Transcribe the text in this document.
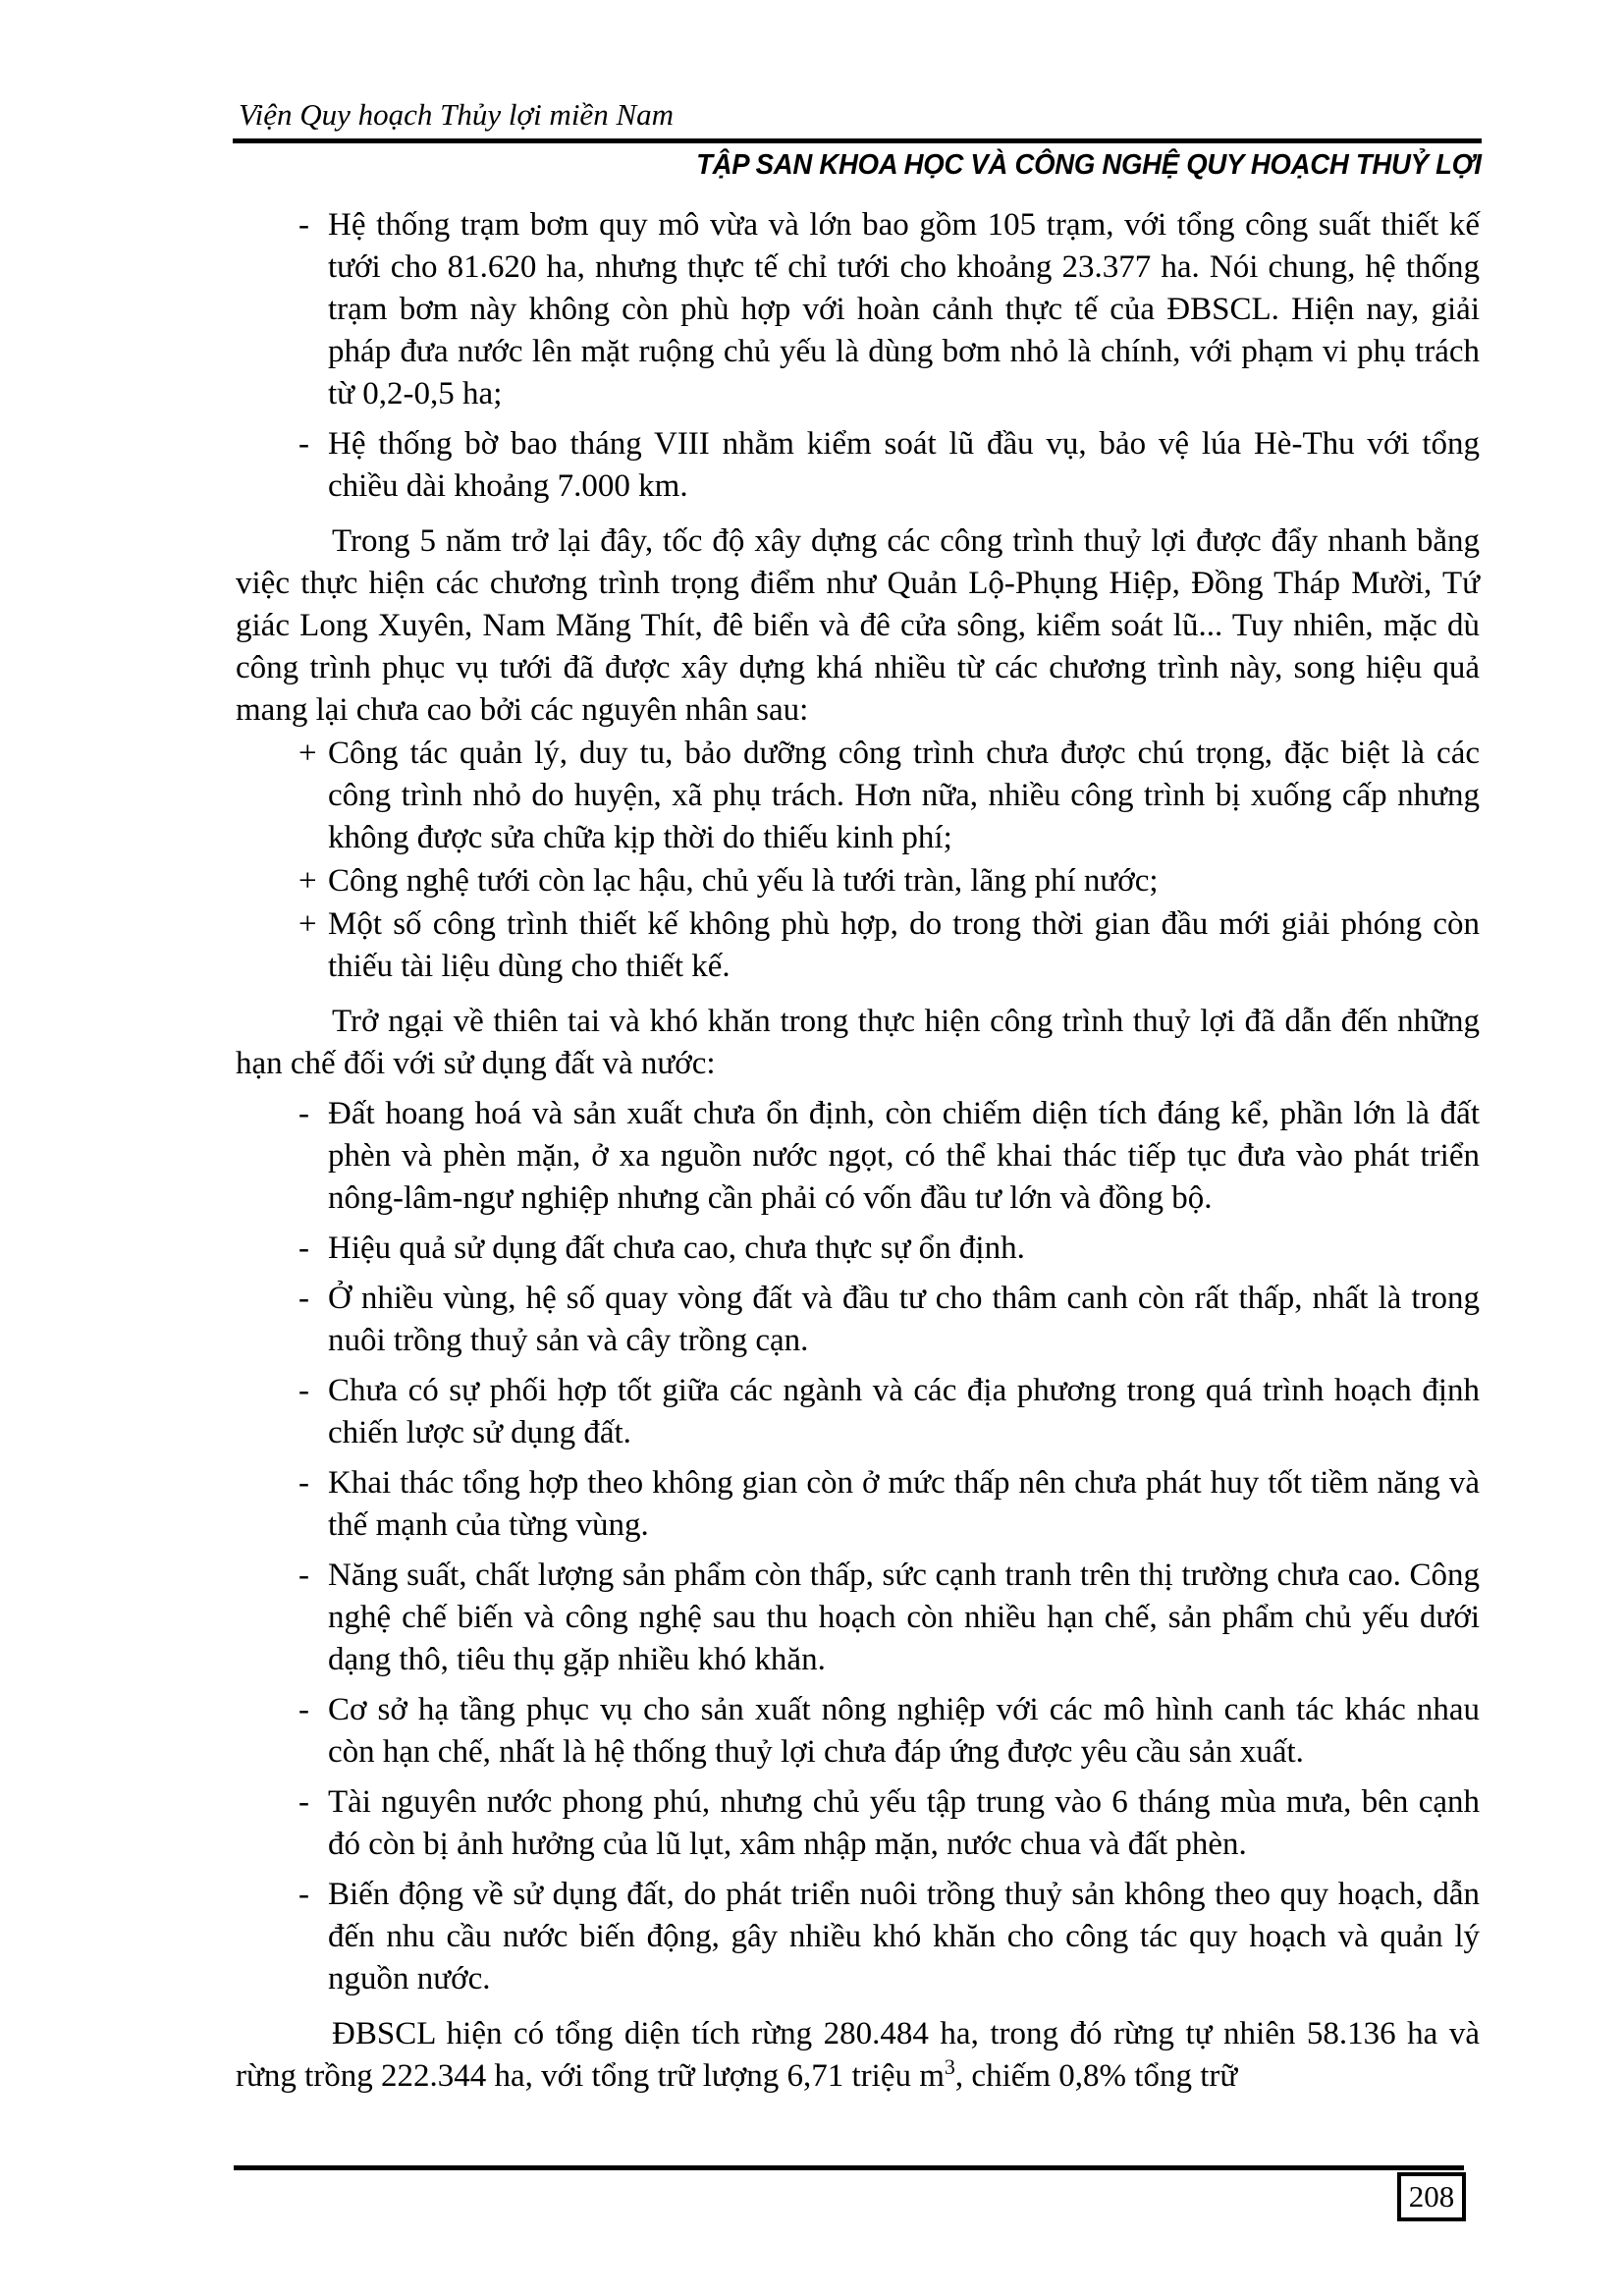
Viện Quy hoạch Thủy lợi miền Nam
TẬP SAN KHOA HỌC VÀ CÔNG NGHỆ QUY HOẠCH THUỶ LỢI
- Hệ thống trạm bơm quy mô vừa và lớn bao gồm 105 trạm, với tổng công suất thiết kế tưới cho 81.620 ha, nhưng thực tế chỉ tưới cho khoảng 23.377 ha. Nói chung, hệ thống trạm bơm này không còn phù hợp với hoàn cảnh thực tế của ĐBSCL. Hiện nay, giải pháp đưa nước lên mặt ruộng chủ yếu là dùng bơm nhỏ là chính, với phạm vi phụ trách từ 0,2-0,5 ha;
- Hệ thống bờ bao tháng VIII nhằm kiểm soát lũ đầu vụ, bảo vệ lúa Hè-Thu với tổng chiều dài khoảng 7.000 km.
Trong 5 năm trở lại đây, tốc độ xây dựng các công trình thuỷ lợi được đẩy nhanh bằng việc thực hiện các chương trình trọng điểm như Quản Lộ-Phụng Hiệp, Đồng Tháp Mười, Tứ giác Long Xuyên, Nam Măng Thít, đê biển và đê cửa sông, kiểm soát lũ... Tuy nhiên, mặc dù công trình phục vụ tưới đã được xây dựng khá nhiều từ các chương trình này, song hiệu quả mang lại chưa cao bởi các nguyên nhân sau:
+ Công tác quản lý, duy tu, bảo dưỡng công trình chưa được chú trọng, đặc biệt là các công trình nhỏ do huyện, xã phụ trách. Hơn nữa, nhiều công trình bị xuống cấp nhưng không được sửa chữa kịp thời do thiếu kinh phí;
+ Công nghệ tưới còn lạc hậu, chủ yếu là tưới tràn, lãng phí nước;
+ Một số công trình thiết kế không phù hợp, do trong thời gian đầu mới giải phóng còn thiếu tài liệu dùng cho thiết kế.
Trở ngại về thiên tai và khó khăn trong thực hiện công trình thuỷ lợi đã dẫn đến những hạn chế đối với sử dụng đất và nước:
- Đất hoang hoá và sản xuất chưa ổn định, còn chiếm diện tích đáng kể, phần lớn là đất phèn và phèn mặn, ở xa nguồn nước ngọt, có thể khai thác tiếp tục đưa vào phát triển nông-lâm-ngư nghiệp nhưng cần phải có vốn đầu tư lớn và đồng bộ.
- Hiệu quả sử dụng đất chưa cao, chưa thực sự ổn định.
- Ở nhiều vùng, hệ số quay vòng đất và đầu tư cho thâm canh còn rất thấp, nhất là trong nuôi trồng thuỷ sản và cây trồng cạn.
- Chưa có sự phối hợp tốt giữa các ngành và các địa phương trong quá trình hoạch định chiến lược sử dụng đất.
- Khai thác tổng hợp theo không gian còn ở mức thấp nên chưa phát huy tốt tiềm năng và thế mạnh của từng vùng.
- Năng suất, chất lượng sản phẩm còn thấp, sức cạnh tranh trên thị trường chưa cao. Công nghệ chế biến và công nghệ sau thu hoạch còn nhiều hạn chế, sản phẩm chủ yếu dưới dạng thô, tiêu thụ gặp nhiều khó khăn.
- Cơ sở hạ tầng phục vụ cho sản xuất nông nghiệp với các mô hình canh tác khác nhau còn hạn chế, nhất là hệ thống thuỷ lợi chưa đáp ứng được yêu cầu sản xuất.
- Tài nguyên nước phong phú, nhưng chủ yếu tập trung vào 6 tháng mùa mưa, bên cạnh đó còn bị ảnh hưởng của lũ lụt, xâm nhập mặn, nước chua và đất phèn.
- Biến động về sử dụng đất, do phát triển nuôi trồng thuỷ sản không theo quy hoạch, dẫn đến nhu cầu nước biến động, gây nhiều khó khăn cho công tác quy hoạch và quản lý nguồn nước.
ĐBSCL hiện có tổng diện tích rừng 280.484 ha, trong đó rừng tự nhiên 58.136 ha và rừng trồng 222.344 ha, với tổng trữ lượng 6,71 triệu $m^3$, chiếm 0,8% tổng trữ
208
